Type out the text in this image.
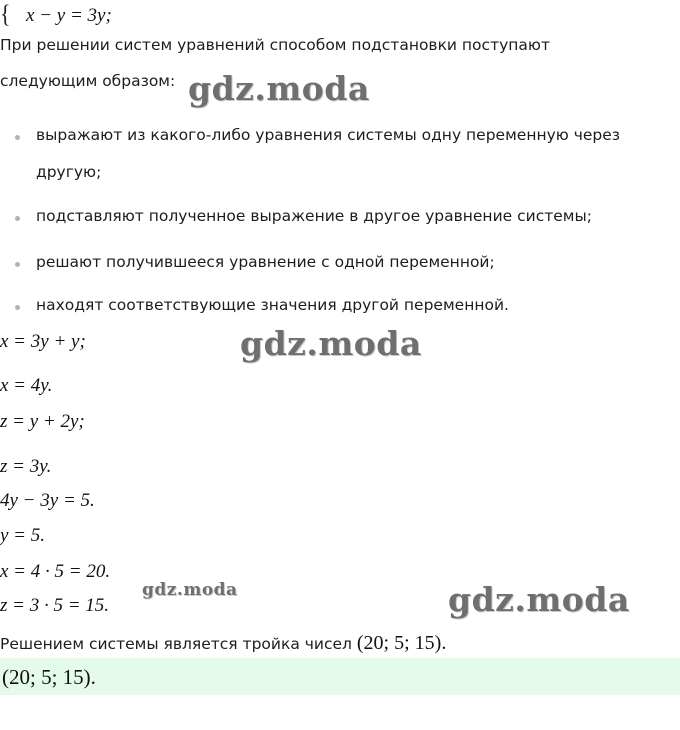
{ x − y = 3y;
При решении систем уравнений способом подстановки поступают
следующим образом: gdz.moda
выражают из какого-либо уравнения системы одну переменную через
другую;
подставляют полученное выражение в другое уравнение системы;
решают получившееся уравнение с одной переменной;
находят соответствующие значения другой переменной.
x = 3y + y;
x = 4y.
z = y + 2y;
z = 3y.
4y − 3y = 5.
y = 5.
x = 4 · 5 = 20.
z = 3 · 5 = 15.
gdz.moda
gdz.moda	gdz.moda
Решением системы является тройка чисел (20; 5; 15).
(20; 5; 15).
